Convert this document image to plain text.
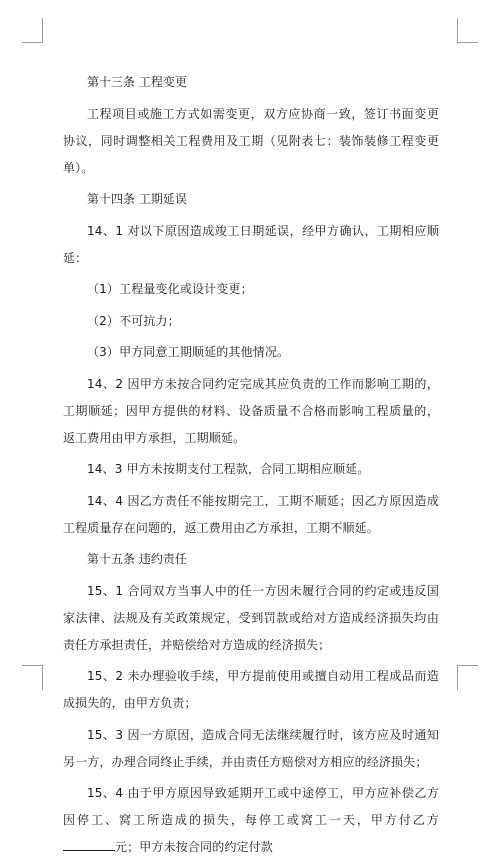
第十三条 工程变更

工程项目或施工方式如需变更，双方应协商一致，签订书面变更协议，同时调整相关工程费用及工期（见附表七：装饰装修工程变更单）。

第十四条 工期延误

14、1 对以下原因造成竣工日期延误，经甲方确认，工期相应顺延：

（1）工程量变化或设计变更；

（2）不可抗力；

（3）甲方同意工期顺延的其他情况。

14、2 因甲方未按合同约定完成其应负责的工作而影响工期的，工期顺延；因甲方提供的材料、设备质量不合格而影响工程质量的，返工费用由甲方承担，工期顺延。

14、3 甲方未按期支付工程款，合同工期相应顺延。

14、4 因乙方责任不能按期完工，工期不顺延；因乙方原因造成工程质量存在问题的，返工费用由乙方承担，工期不顺延。

第十五条 违约责任

15、1 合同双方当事人中的任一方因未履行合同的约定或违反国家法律、法规及有关政策规定，受到罚款或给对方造成经济损失均由责任方承担责任，并赔偿给对方造成的经济损失；

15、2 未办理验收手续，甲方提前使用或擅自动用工程成品而造成损失的，由甲方负责；

15、3 因一方原因，造成合同无法继续履行时，该方应及时通知另一方，办理合同终止手续，并由责任方赔偿对方相应的经济损失；

15、4 由于甲方原因导致延期开工或中途停工，甲方应补偿乙方因停工、窝工所造成的损失，每停工或窝工一天，甲方付乙方元；甲方未按合同的约定付款
